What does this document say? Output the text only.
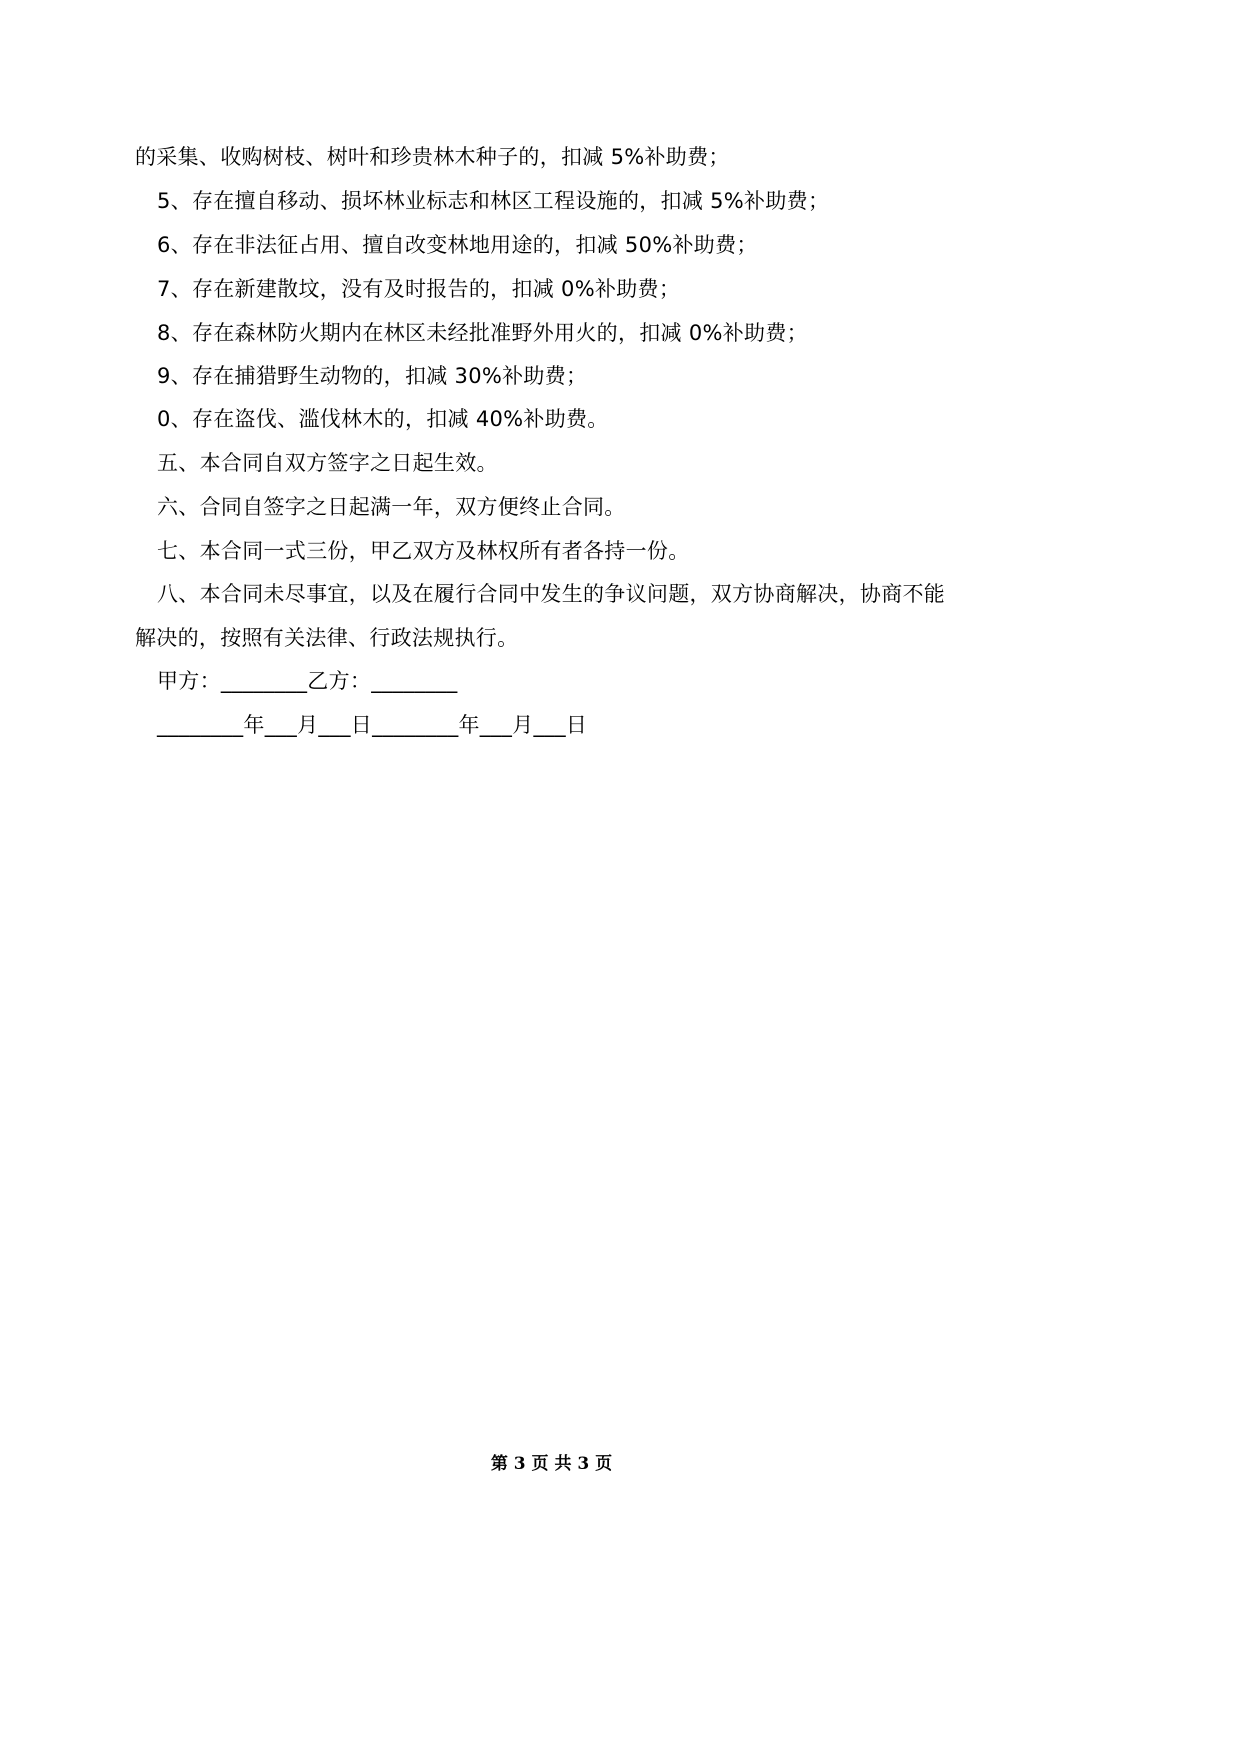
的采集、收购树枝、树叶和珍贵林木种子的，扣减 5%补助费；
5、存在擅自移动、损坏林业标志和林区工程设施的，扣减 5%补助费；
6、存在非法征占用、擅自改变林地用途的，扣减 50%补助费；
7、存在新建散坟，没有及时报告的，扣减 0%补助费；
8、存在森林防火期内在林区未经批准野外用火的，扣减 0%补助费；
9、存在捕猎野生动物的，扣减 30%补助费；
0、存在盗伐、滥伐林木的，扣减 40%补助费。
五、本合同自双方签字之日起生效。
六、合同自签字之日起满一年，双方便终止合同。
七、本合同一式三份，甲乙双方及林权所有者各持一份。
八、本合同未尽事宜，以及在履行合同中发生的争议问题，双方协商解决，协商不能
解决的，按照有关法律、行政法规执行。
甲方：________乙方：________
________年___月___日________年___月___日
第 3 页 共 3 页
